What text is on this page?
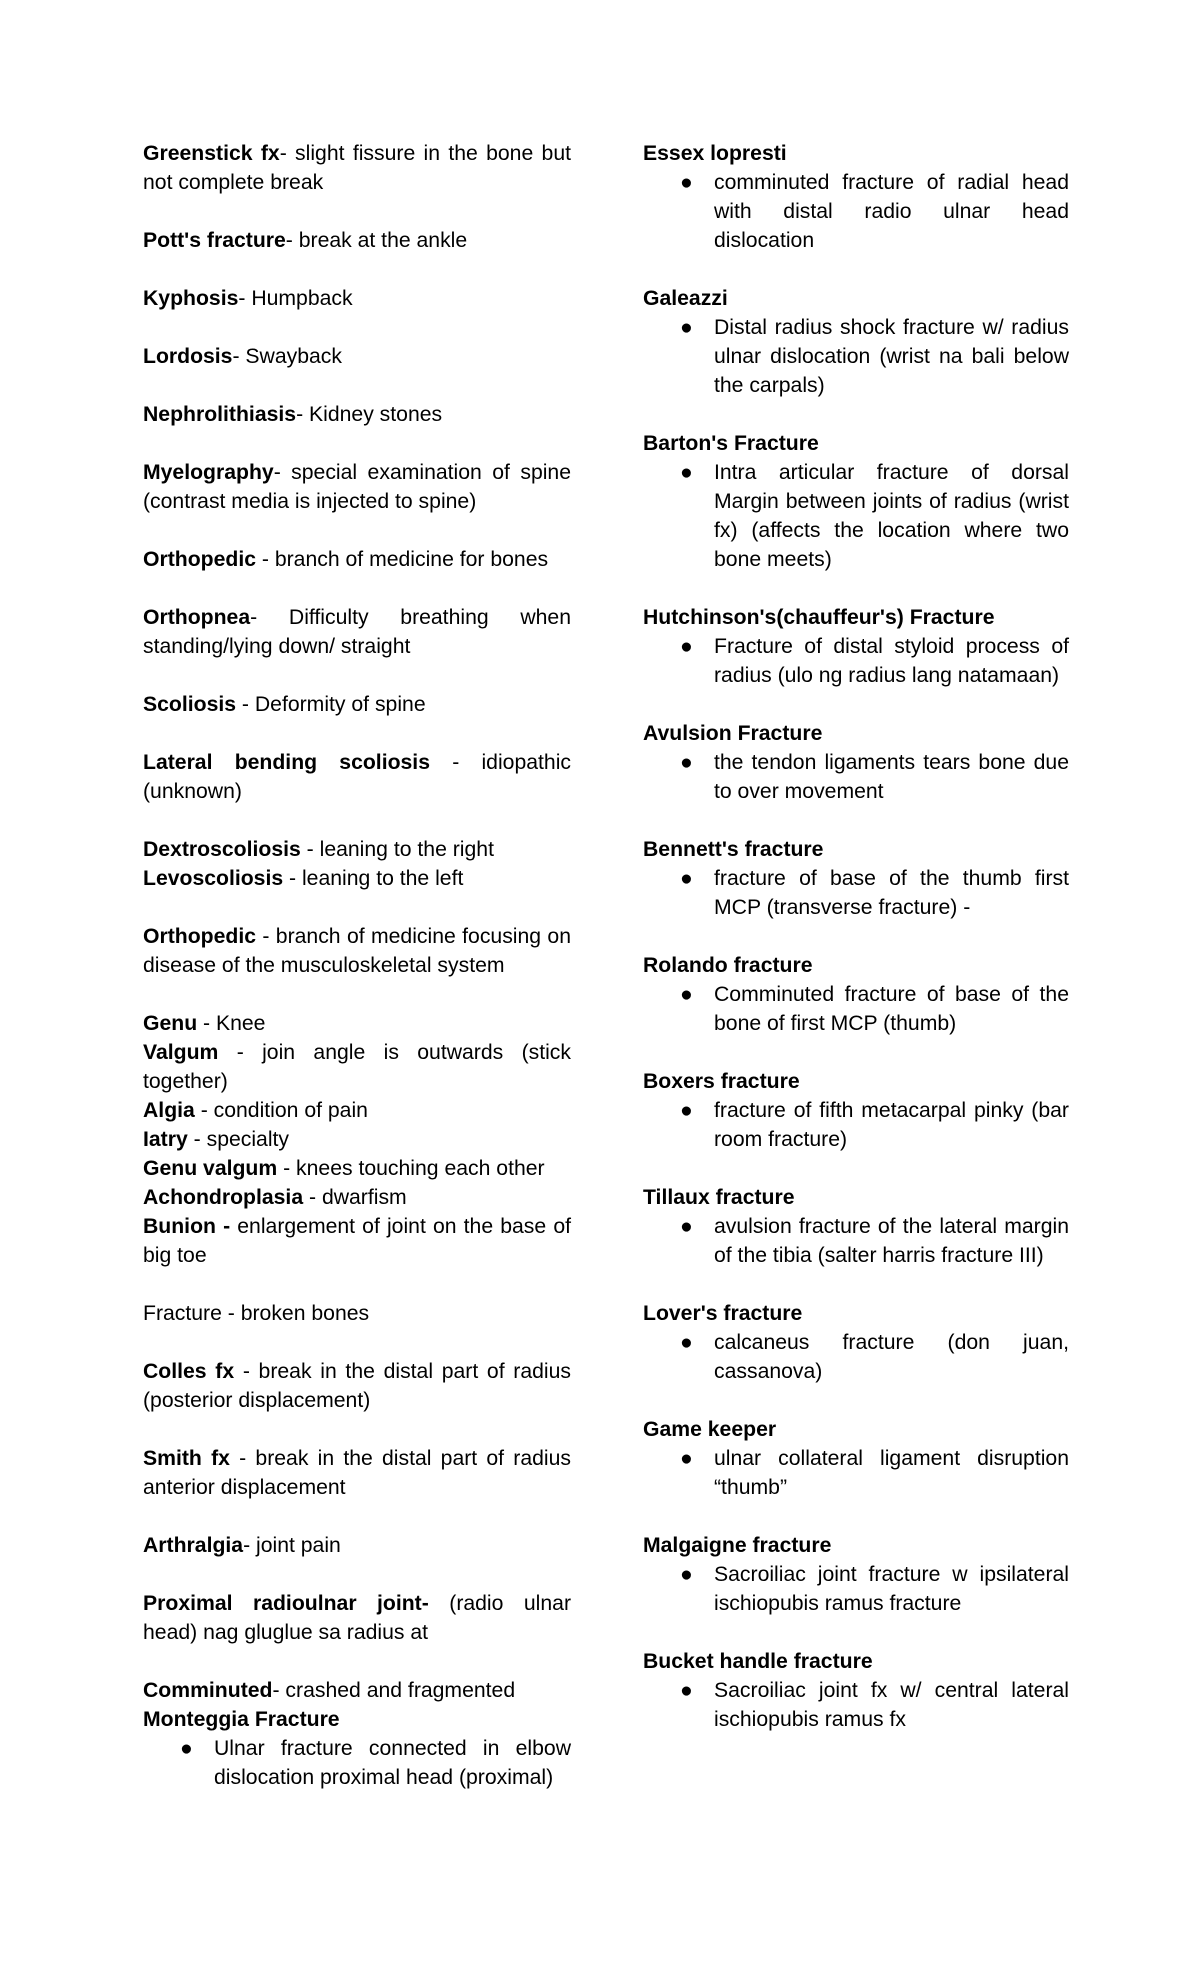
Greenstick fx- slight fissure in the bone but not complete break

Pott's fracture- break at the ankle

Kyphosis- Humpback

Lordosis- Swayback

Nephrolithiasis- Kidney stones

Myelography- special examination of spine (contrast media is injected to spine)

Orthopedic - branch of medicine for bones

Orthopnea- Difficulty breathing when standing/lying down/ straight

Scoliosis - Deformity of spine

Lateral bending scoliosis - idiopathic (unknown)

Dextroscoliosis - leaning to the right

Levoscoliosis - leaning to the left

Orthopedic - branch of medicine focusing on disease of the musculoskeletal system

Genu - Knee

Valgum - join angle is outwards (stick together)

Algia - condition of pain

Iatry - specialty

Genu valgum - knees touching each other

Achondroplasia - dwarfism

Bunion - enlargement of joint on the base of big toe

Fracture - broken bones

Colles fx - break in the distal part of radius (posterior displacement)

Smith fx - break in the distal part of radius anterior displacement

Arthralgia- joint pain

Proximal radioulnar joint- (radio ulnar head) nag gluglue sa radius at

Comminuted- crashed and fragmented

Monteggia Fracture

● Ulnar fracture connected in elbow dislocation proximal head (proximal)

Essex lopresti

● comminuted fracture of radial head with distal radio ulnar head dislocation

Galeazzi

● Distal radius shock fracture w/ radius ulnar dislocation (wrist na bali below the carpals)

Barton's Fracture

● Intra articular fracture of dorsal Margin between joints of radius (wrist fx) (affects the location where two bone meets)

Hutchinson's(chauffeur's) Fracture

● Fracture of distal styloid process of radius (ulo ng radius lang natamaan)

Avulsion Fracture

● the tendon ligaments tears bone due to over movement

Bennett's fracture

● fracture of base of the thumb first MCP (transverse fracture) -

Rolando fracture

● Comminuted fracture of base of the bone of first MCP (thumb)

Boxers fracture

● fracture of fifth metacarpal pinky (bar room fracture)

Tillaux fracture

● avulsion fracture of the lateral margin of the tibia (salter harris fracture III)

Lover's fracture

● calcaneus fracture (don juan, cassanova)

Game keeper

● ulnar collateral ligament disruption “thumb”

Malgaigne fracture

● Sacroiliac joint fracture w ipsilateral ischiopubis ramus fracture

Bucket handle fracture

● Sacroiliac joint fx w/ central lateral ischiopubis ramus fx
